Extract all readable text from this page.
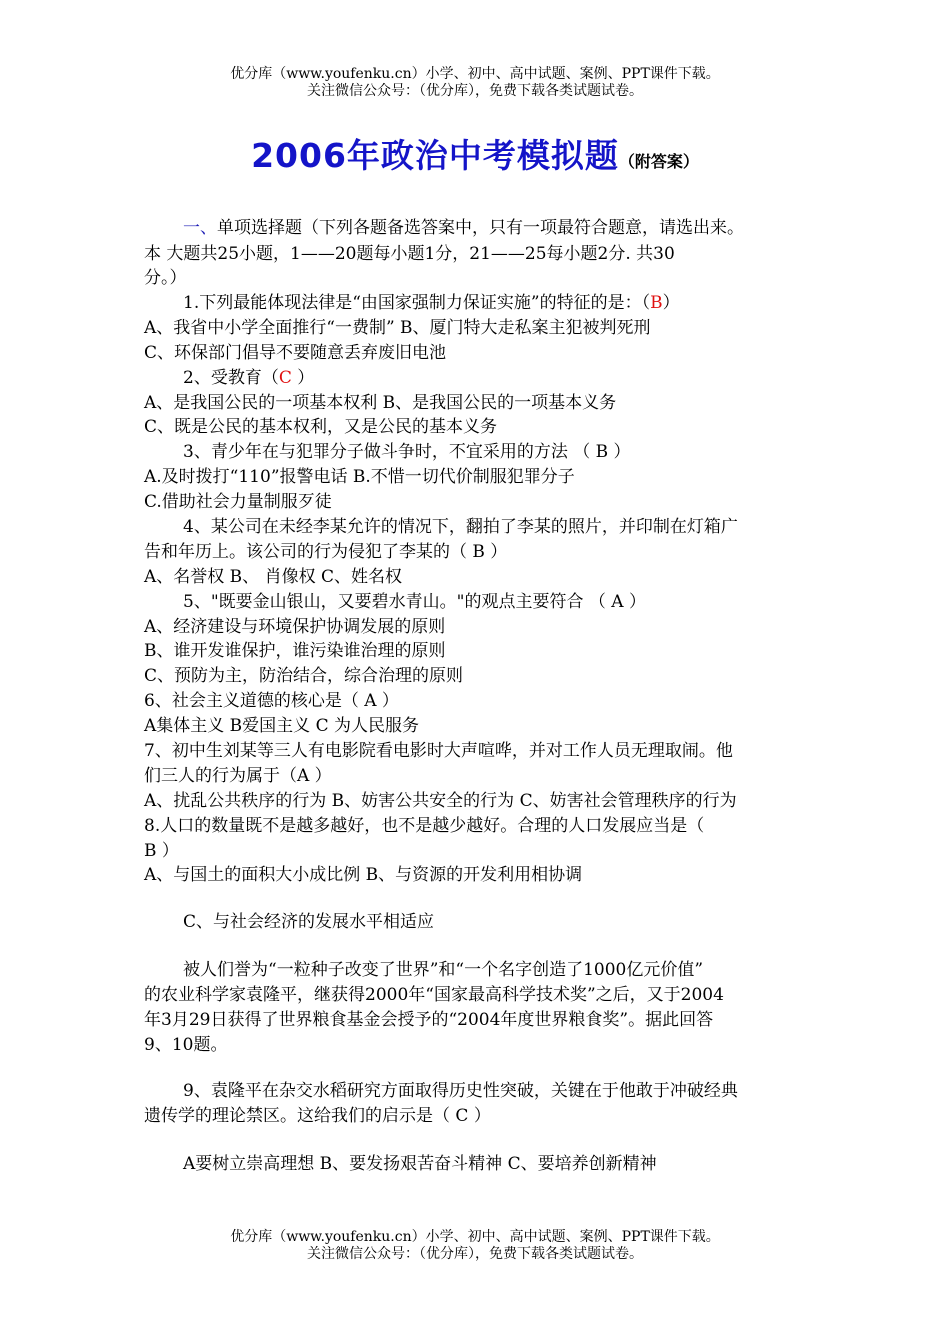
优分库（www.youfenku.cn）小学、初中、高中试题、案例、PPT课件下载。
关注微信公众号：（优分库），免费下载各类试题试卷。
2006年政治中考模拟题（附答案）
一、单项选择题（下列各题备选答案中，只有一项最符合题意，请选出来。
本 大题共25小题，1——20题每小题1分，21——25每小题2分. 共30
分。）
1.下列最能体现法律是“由国家强制力保证实施”的特征的是：（B）
A、我省中小学全面推行“一费制” B、厦门特大走私案主犯被判死刑
C、环保部门倡导不要随意丢弃废旧电池
2、受教育（C ）
A、是我国公民的一项基本权利 B、是我国公民的一项基本义务
C、既是公民的基本权利，又是公民的基本义务
3、青少年在与犯罪分子做斗争时，不宜采用的方法 （ B ）
A.及时拨打“110”报警电话 B.不惜一切代价制服犯罪分子
C.借助社会力量制服歹徒
4、某公司在未经李某允许的情况下，翻拍了李某的照片，并印制在灯箱广
告和年历上。该公司的行为侵犯了李某的（ B ）
A、名誉权 B、 肖像权 C、姓名权
5、"既要金山银山，又要碧水青山。"的观点主要符合 （ A ）
A、经济建设与环境保护协调发展的原则
B、谁开发谁保护，谁污染谁治理的原则
C、预防为主，防治结合，综合治理的原则
6、社会主义道德的核心是（ A ）
A集体主义 B爱国主义 C 为人民服务
7、初中生刘某等三人有电影院看电影时大声喧哗，并对工作人员无理取闹。他
们三人的行为属于（A ）
A、扰乱公共秩序的行为 B、妨害公共安全的行为 C、妨害社会管理秩序的行为
8.人口的数量既不是越多越好，也不是越少越好。合理的人口发展应当是（
B ）
A、与国土的面积大小成比例 B、与资源的开发利用相协调
C、与社会经济的发展水平相适应
被人们誉为“一粒种子改变了世界”和“一个名字创造了1000亿元价值”
的农业科学家袁隆平，继获得2000年“国家最高科学技术奖”之后，又于2004
年3月29日获得了世界粮食基金会授予的“2004年度世界粮食奖”。据此回答
9、10题。
9、袁隆平在杂交水稻研究方面取得历史性突破，关键在于他敢于冲破经典
遗传学的理论禁区。这给我们的启示是（ C ）
A要树立崇高理想 B、要发扬艰苦奋斗精神 C、要培养创新精神
优分库（www.youfenku.cn）小学、初中、高中试题、案例、PPT课件下载。
关注微信公众号：（优分库），免费下载各类试题试卷。
